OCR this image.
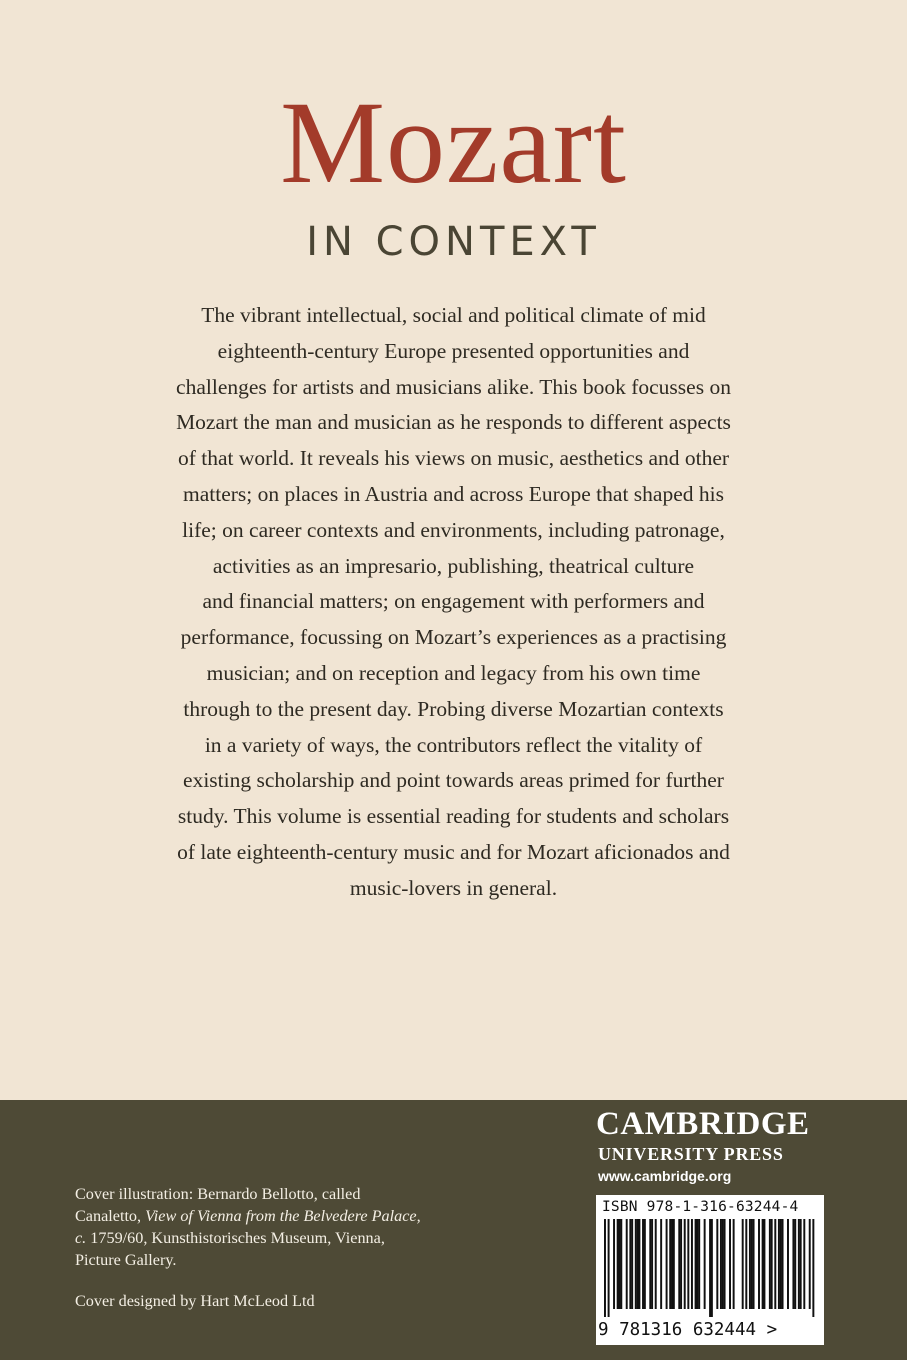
Mozart
IN CONTEXT
The vibrant intellectual, social and political climate of mid
eighteenth-century Europe presented opportunities and
challenges for artists and musicians alike. This book focusses on
Mozart the man and musician as he responds to different aspects
of that world. It reveals his views on music, aesthetics and other
matters; on places in Austria and across Europe that shaped his
life; on career contexts and environments, including patronage,
activities as an impresario, publishing, theatrical culture
and financial matters; on engagement with performers and
performance, focussing on Mozart’s experiences as a practising
musician; and on reception and legacy from his own time
through to the present day. Probing diverse Mozartian contexts
in a variety of ways, the contributors reflect the vitality of
existing scholarship and point towards areas primed for further
study. This volume is essential reading for students and scholars
of late eighteenth-century music and for Mozart aficionados and
music-lovers in general.
Cover illustration: Bernardo Bellotto, called
Canaletto, View of Vienna from the Belvedere Palace,
c. 1759/60, Kunsthistorisches Museum, Vienna,
Picture Gallery.
Cover designed by Hart McLeod Ltd
CAMBRIDGE
UNIVERSITY PRESS
www.cambridge.org
ISBN 978-1-316-63244-4
9 781316 632444 >
